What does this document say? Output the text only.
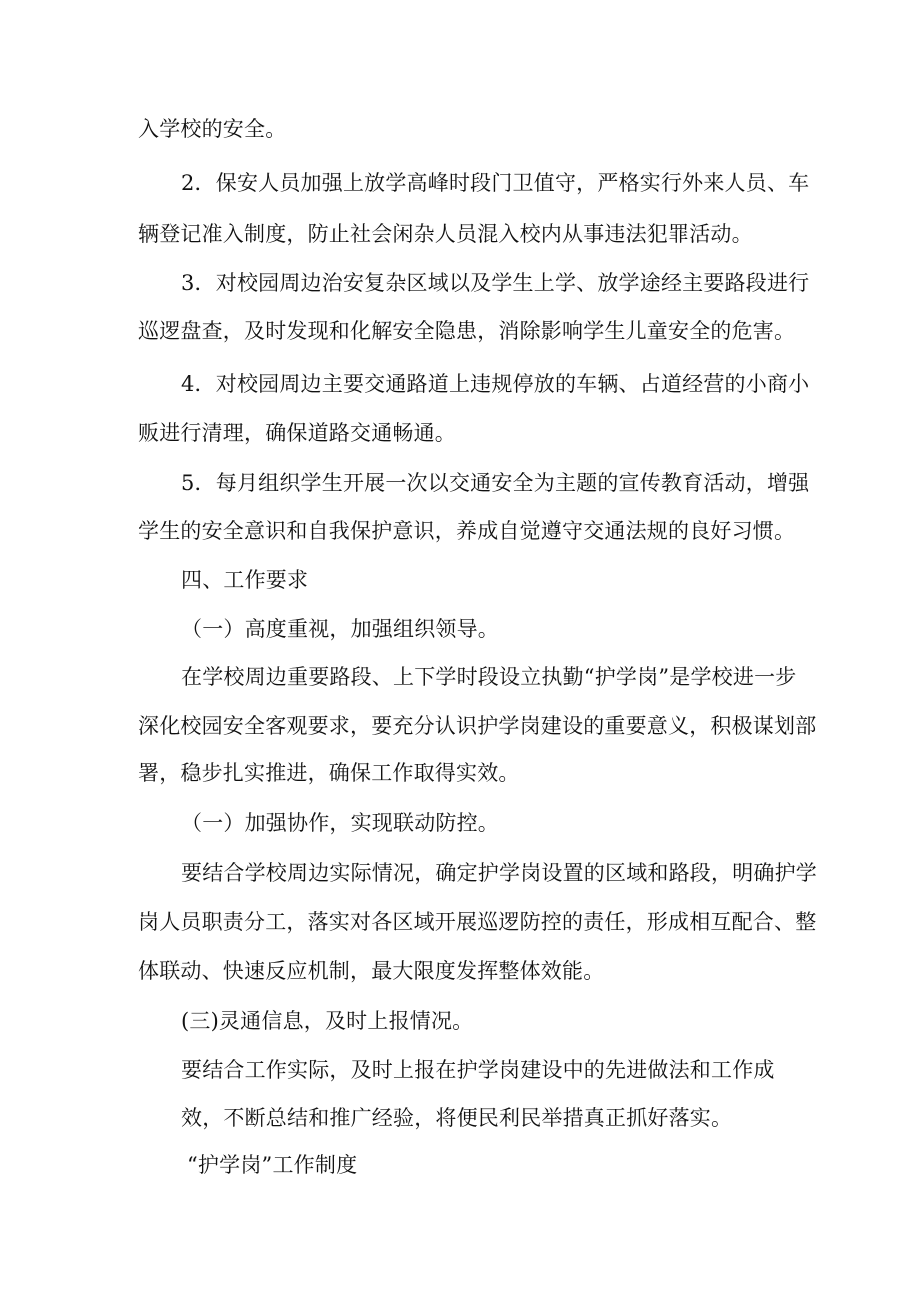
入学校的安全。
2．保安人员加强上放学高峰时段门卫值守，严格实行外来人员、车
辆登记准入制度，防止社会闲杂人员混入校内从事违法犯罪活动。
3．对校园周边治安复杂区域以及学生上学、放学途经主要路段进行
巡逻盘查，及时发现和化解安全隐患，消除影响学生儿童安全的危害。
4．对校园周边主要交通路道上违规停放的车辆、占道经营的小商小
贩进行清理，确保道路交通畅通。
5．每月组织学生开展一次以交通安全为主题的宣传教育活动，增强
学生的安全意识和自我保护意识，养成自觉遵守交通法规的良好习惯。
四、工作要求
（一）高度重视，加强组织领导。
在学校周边重要路段、上下学时段设立执勤“护学岗”是学校进一步
深化校园安全客观要求，要充分认识护学岗建设的重要意义，积极谋划部
署，稳步扎实推进，确保工作取得实效。
（一）加强协作，实现联动防控。
要结合学校周边实际情况，确定护学岗设置的区域和路段，明确护学
岗人员职责分工，落实对各区域开展巡逻防控的责任，形成相互配合、整
体联动、快速反应机制，最大限度发挥整体效能。
(三)灵通信息，及时上报情况。
要结合工作实际，及时上报在护学岗建设中的先进做法和工作成
效，不断总结和推广经验，将便民利民举措真正抓好落实。
“护学岗”工作制度
